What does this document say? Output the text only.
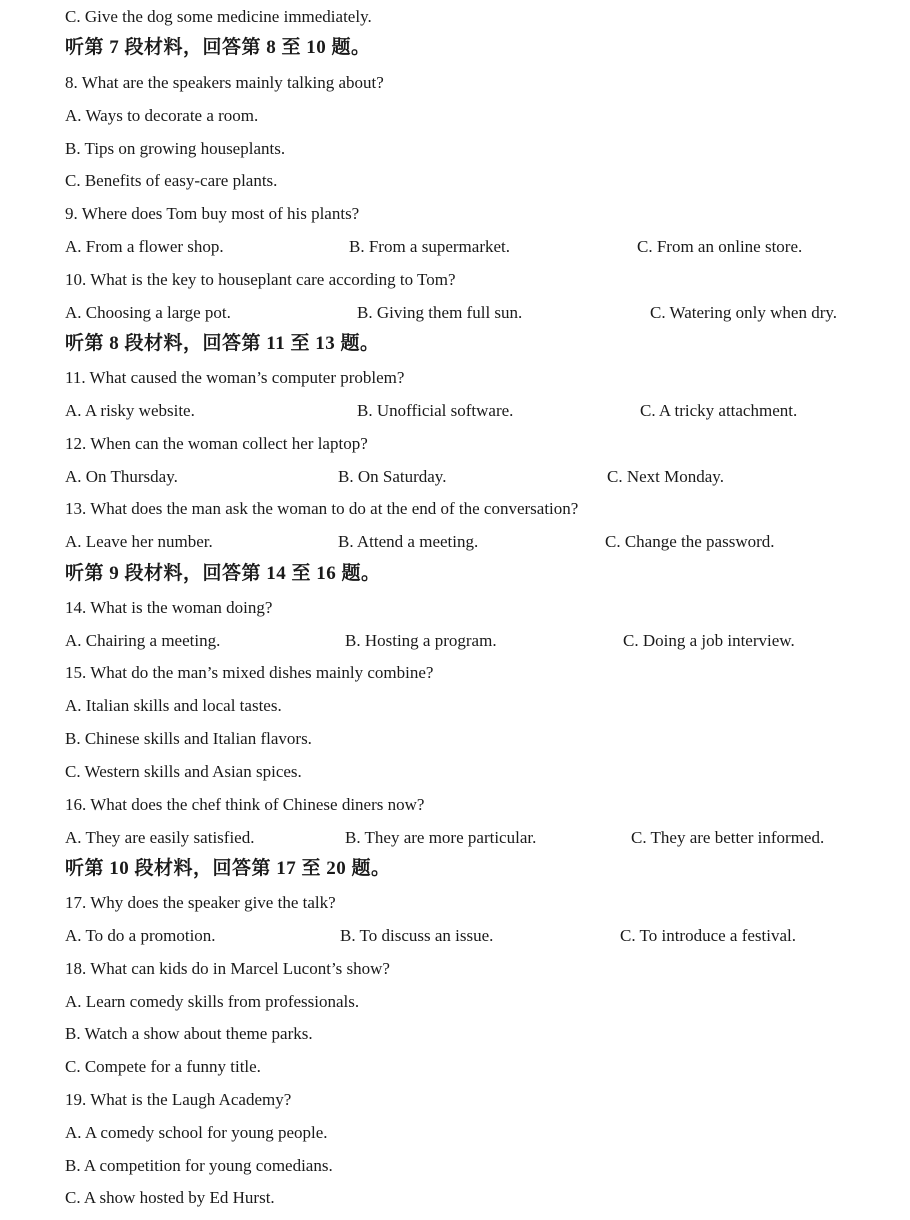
C. Give the dog some medicine immediately.
听第 7 段材料，回答第 8 至 10 题。
8. What are the speakers mainly talking about?
A. Ways to decorate a room.
B. Tips on growing houseplants.
C. Benefits of easy-care plants.
9. Where does Tom buy most of his plants?
A. From a flower shop.	B. From a supermarket.	C. From an online store.
10. What is the key to houseplant care according to Tom?
A. Choosing a large pot.	B. Giving them full sun.	C. Watering only when dry.
听第 8 段材料，回答第 11 至 13 题。
11. What caused the woman’s computer problem?
A. A risky website.	B. Unofficial software.	C. A tricky attachment.
12. When can the woman collect her laptop?
A. On Thursday.	B. On Saturday.	C. Next Monday.
13. What does the man ask the woman to do at the end of the conversation?
A. Leave her number.	B. Attend a meeting.	C. Change the password.
听第 9 段材料，回答第 14 至 16 题。
14. What is the woman doing?
A. Chairing a meeting.	B. Hosting a program.	C. Doing a job interview.
15. What do the man’s mixed dishes mainly combine?
A. Italian skills and local tastes.
B. Chinese skills and Italian flavors.
C. Western skills and Asian spices.
16. What does the chef think of Chinese diners now?
A. They are easily satisfied.	B. They are more particular.	C. They are better informed.
听第 10 段材料，回答第 17 至 20 题。
17. Why does the speaker give the talk?
A. To do a promotion.	B. To discuss an issue.	C. To introduce a festival.
18. What can kids do in Marcel Lucont’s show?
A. Learn comedy skills from professionals.
B. Watch a show about theme parks.
C. Compete for a funny title.
19. What is the Laugh Academy?
A. A comedy school for young people.
B. A competition for young comedians.
C. A show hosted by Ed Hurst.
